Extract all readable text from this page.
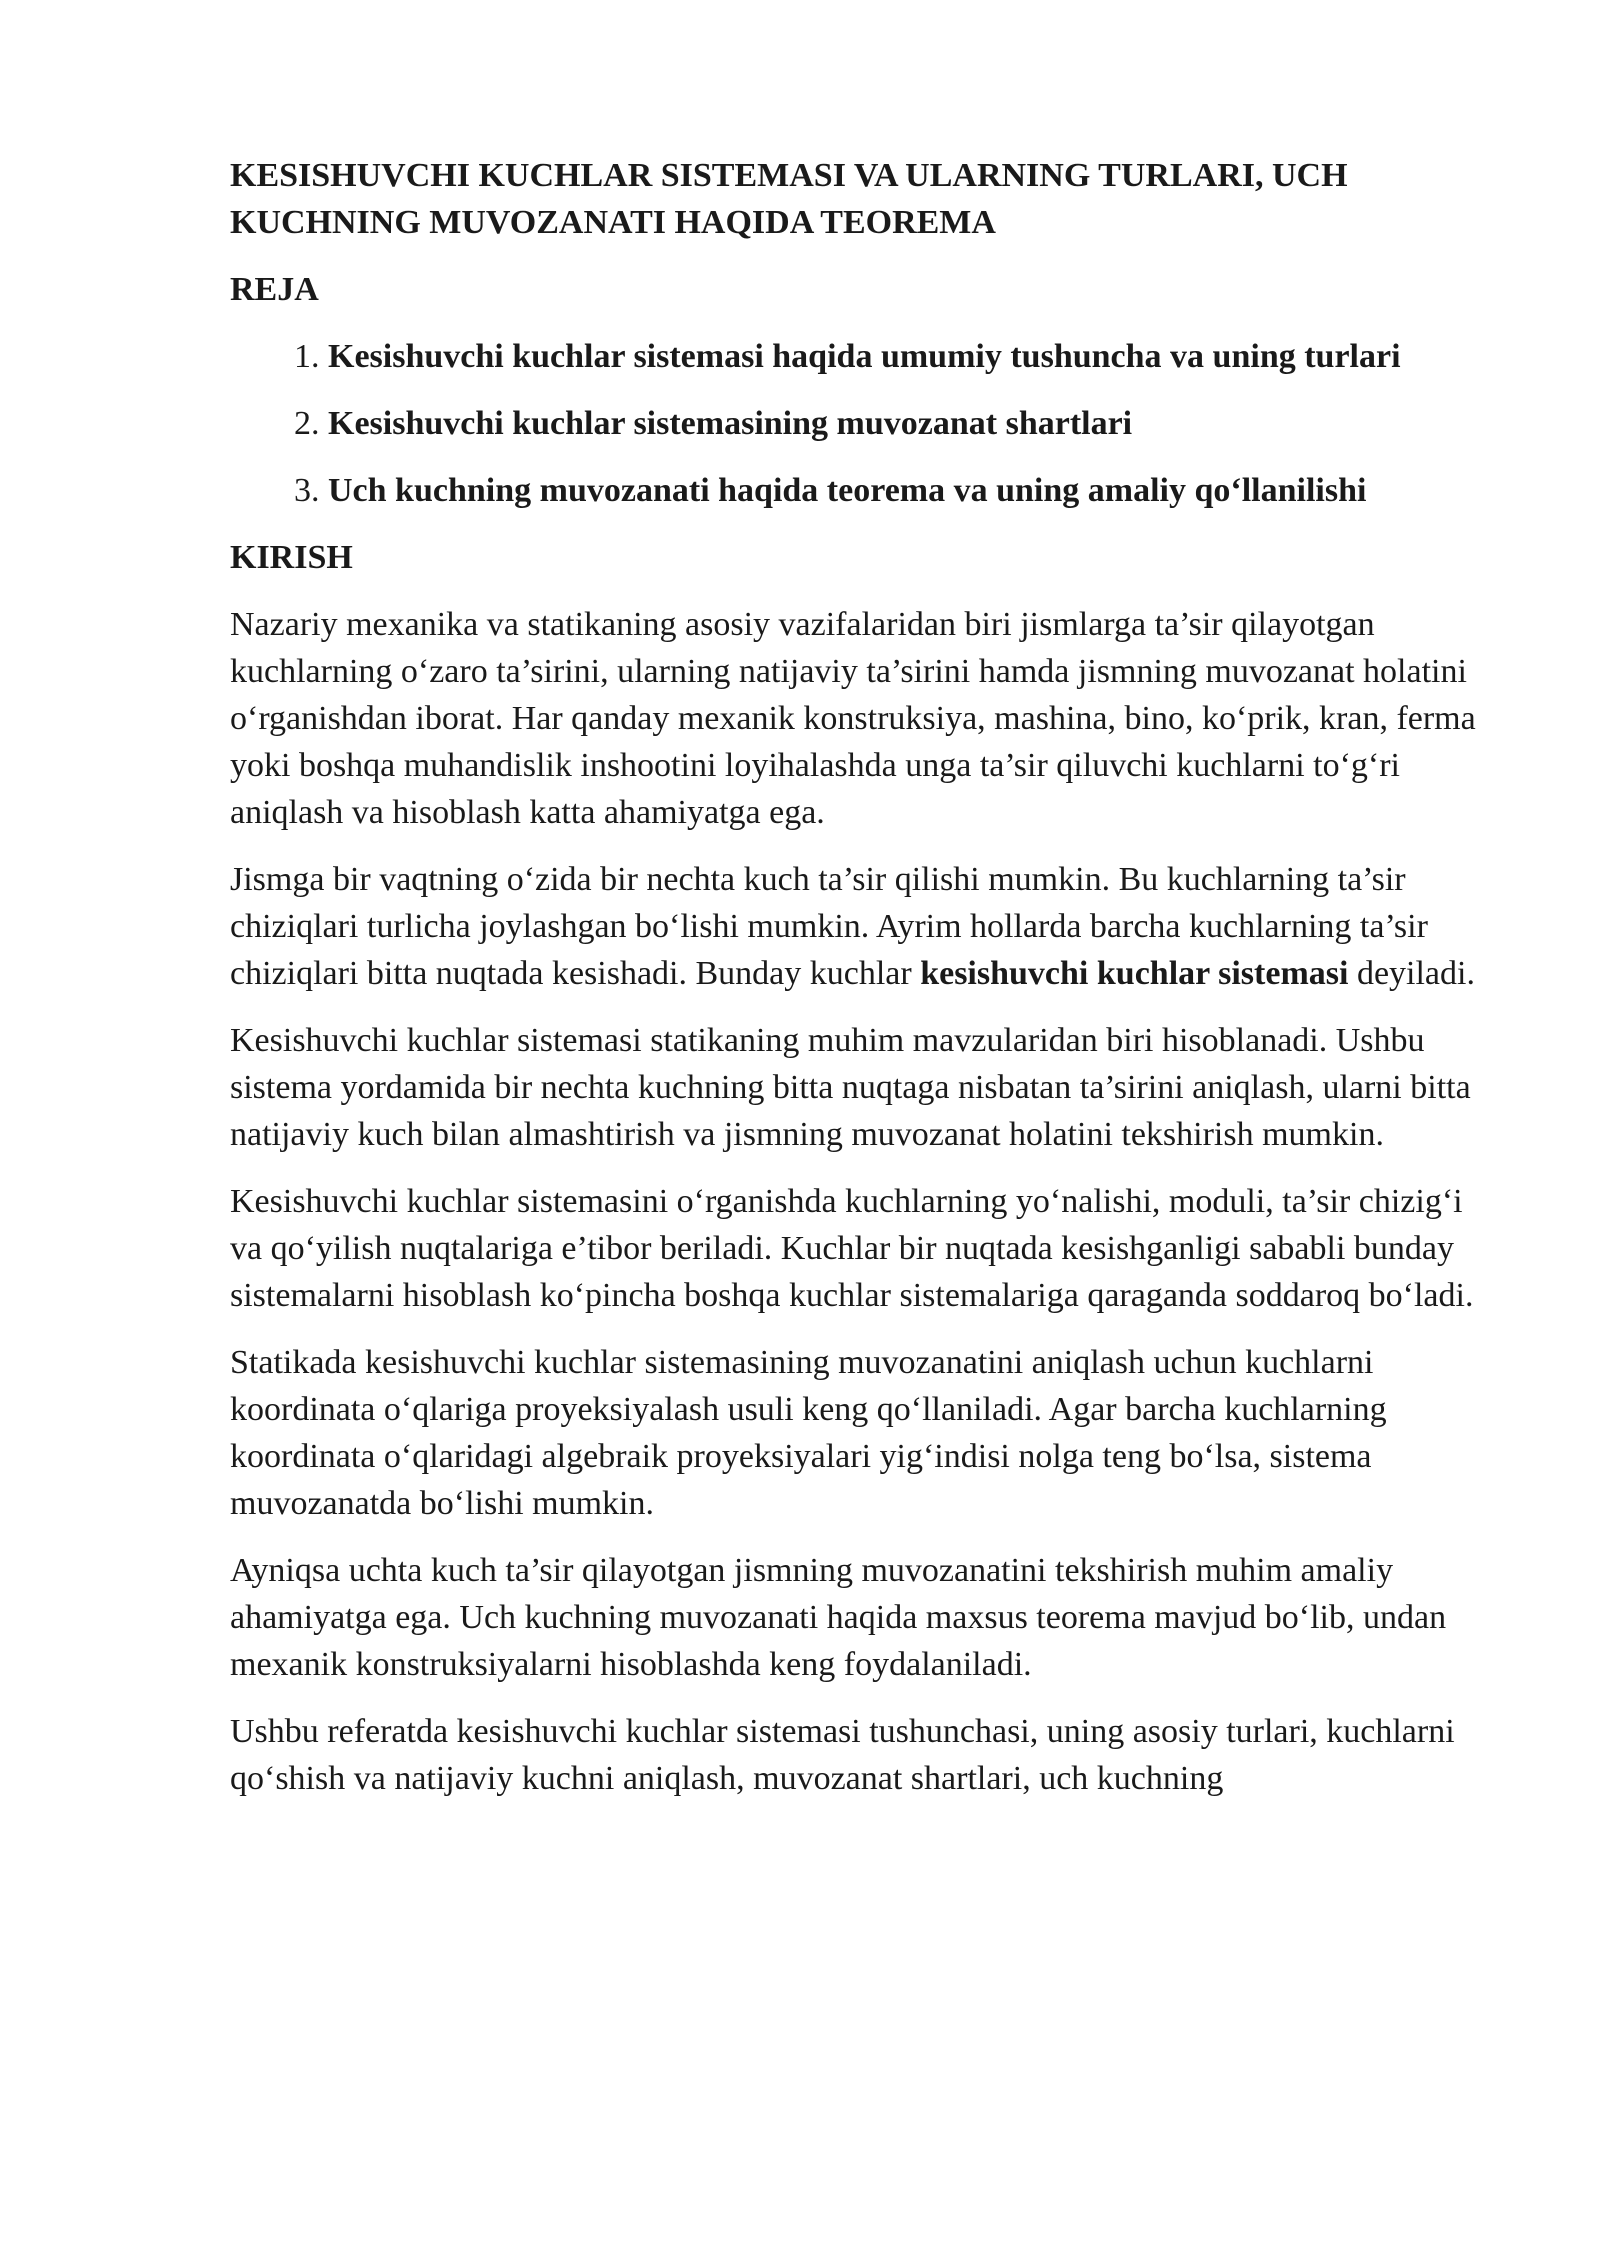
KESISHUVCHI KUCHLAR SISTEMASI VA ULARNING TURLARI, UCH KUCHNING MUVOZANATI HAQIDA TEOREMA
REJA
1. Kesishuvchi kuchlar sistemasi haqida umumiy tushuncha va uning turlari
2. Kesishuvchi kuchlar sistemasining muvozanat shartlari
3. Uch kuchning muvozanati haqida teorema va uning amaliy qo‘llanilishi
KIRISH

Nazariy mexanika va statikaning asosiy vazifalaridan biri jismlarga ta’sir qilayotgan kuchlarning o‘zaro ta’sirini, ularning natijaviy ta’sirini hamda jismning muvozanat holatini o‘rganishdan iborat. Har qanday mexanik konstruksiya, mashina, bino, ko‘prik, kran, ferma yoki boshqa muhandislik inshootini loyihalashda unga ta’sir qiluvchi kuchlarni to‘g‘ri aniqlash va hisoblash katta ahamiyatga ega.

Jismga bir vaqtning o‘zida bir nechta kuch ta’sir qilishi mumkin. Bu kuchlarning ta’sir chiziqlari turlicha joylashgan bo‘lishi mumkin. Ayrim hollarda barcha kuchlarning ta’sir chiziqlari bitta nuqtada kesishadi. Bunday kuchlar kesishuvchi kuchlar sistemasi deyiladi.

Kesishuvchi kuchlar sistemasi statikaning muhim mavzularidan biri hisoblanadi. Ushbu sistema yordamida bir nechta kuchning bitta nuqtaga nisbatan ta’sirini aniqlash, ularni bitta natijaviy kuch bilan almashtirish va jismning muvozanat holatini tekshirish mumkin.

Kesishuvchi kuchlar sistemasini o‘rganishda kuchlarning yo‘nalishi, moduli, ta’sir chizig‘i va qo‘yilish nuqtalariga e’tibor beriladi. Kuchlar bir nuqtada kesishganligi sababli bunday sistemalarni hisoblash ko‘pincha boshqa kuchlar sistemalariga qaraganda soddaroq bo‘ladi.

Statikada kesishuvchi kuchlar sistemasining muvozanatini aniqlash uchun kuchlarni koordinata o‘qlariga proyeksiyalash usuli keng qo‘llaniladi. Agar barcha kuchlarning koordinata o‘qlaridagi algebraik proyeksiyalari yig‘indisi nolga teng bo‘lsa, sistema muvozanatda bo‘lishi mumkin.

Ayniqsa uchta kuch ta’sir qilayotgan jismning muvozanatini tekshirish muhim amaliy ahamiyatga ega. Uch kuchning muvozanati haqida maxsus teorema mavjud bo‘lib, undan mexanik konstruksiyalarni hisoblashda keng foydalaniladi.

Ushbu referatda kesishuvchi kuchlar sistemasi tushunchasi, uning asosiy turlari, kuchlarni qo‘shish va natijaviy kuchni aniqlash, muvozanat shartlari, uch kuchning
